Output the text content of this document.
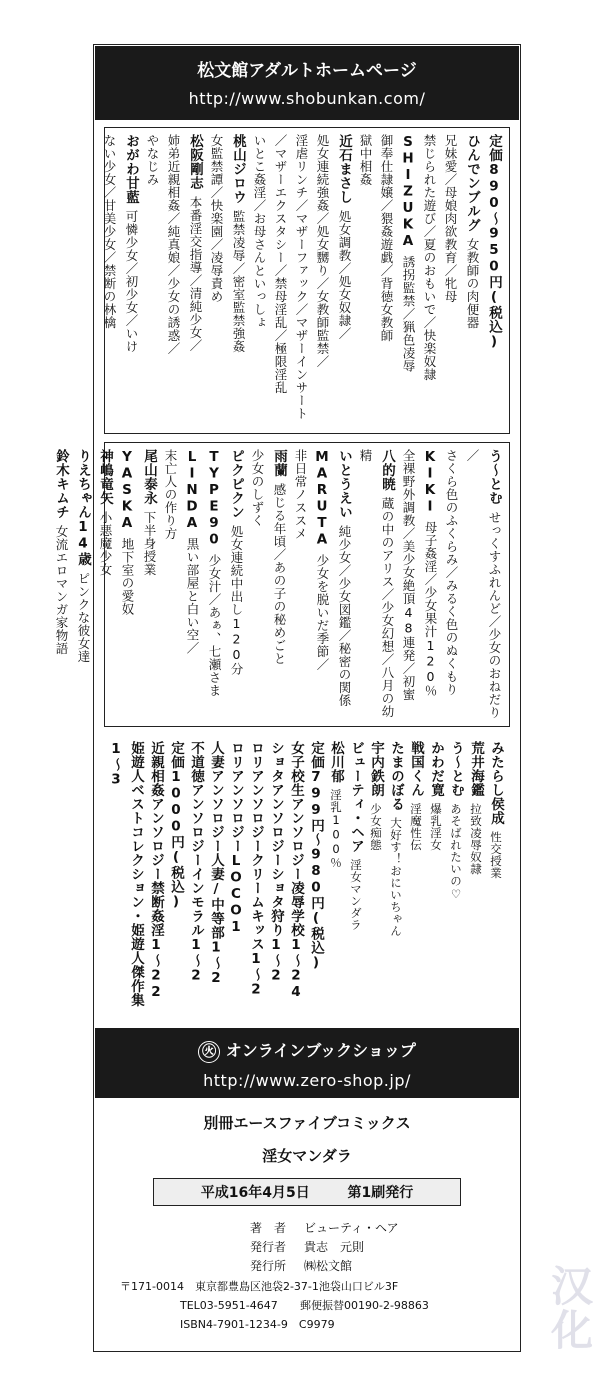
松文館アダルトホームページ
http://www.shobunkan.com/
定価890～950円(税込)
ひんでンブルグ女教師の肉便器
兄妹愛／母娘肉欲教育／牝母
禁じられた遊び／夏のおもいで／快楽奴隷
SHIZUKA誘拐監禁／猟色凌辱
御奉仕隷嬢／猥姦遊戯／背徳女教師
獄中相姦
近石まさし処女調教／処女奴隷／
処女連続強姦／処女嬲り／女教師監禁／
淫虐リンチ／マザーファック／マザーインサート
／マザーエクスタシー／禁母淫乱／極限淫乱
いとこ姦淫／お母さんといっしょ
桃山ジロウ監禁凌辱／密室監禁強姦
女監禁譚／快楽園／凌辱責め
松阪剛志本番淫交指導／清純少女／
姉弟近親相姦／純真娘／少女の誘惑／
やなじみ
おがわ甘藍可憐少女／初少女／いけ
ない少女／甘美少女／禁断の林檎
う～とむせっくすふれんど／少女のおねだり／
さくら色のふくらみ／みるく色のぬくもり
KIKI母子姦淫／少女果汁120％
全裸野外調教／美少女絶頂48連発／初蜜
八的暁蔵の中のアリス／少女幻想／八月の幼精
いとうえい純少女／少女図鑑／秘密の関係
MARUTA少女を脱いだ季節／
非日常ノススメ
雨蘭感じる年頃／あの子の秘めごと
少女のしずく
ピクピクン処女連続中出し120分
TYPE90少女汁／あぁ、七瀬さま
LINDA黒い部屋と白い空／
末亡人の作り方
尾山泰永下半身授業
YASKA地下室の愛奴
神嶋竜矢小悪魔少女
りえちゃん14歳ピンクな彼女達
鈴木キムチ女流エロマンガ家物語
みたらし侯成性交授業
荒井海鑑拉致凌辱奴隷
う～とむあそばれたいの♡
かわだ寛爆乳淫女
戦国くん淫魔性伝
たまのぼる大好す！おにいちゃん
宇内鉄朗少女痴態
ビューティ・ヘア淫女マンダラ
松川郁淫乳100％
定価799円～980円(税込)
女子校生アンソロジー凌辱学校1～24
ショタアンソロジーショタ狩り1～2
ロリアンソロジークリームキッス1～2
ロリアンソロジーLOCO1
人妻アンソロジー人妻/中等部1～2
不道徳アンソロジーインモラル1～2
定価1000円(税込)
近親相姦アンソロジー禁断姦淫1～22
姫遊人ベストコレクション・姫遊人傑作集1～3
㊋ オンラインブックショップ
http://www.zero-shop.jp/
別冊エースファイブコミックス
淫女マンダラ
平成16年4月5日	第1刷発行
著　者 ビューティ・ヘア
発行者 貴志　元則
発行所 ㈱松文館
〒171-0014　東京都豊島区池袋2-37-1池袋山口ビル3F
TEL03-5951-4647 郵便振替00190-2-98863
ISBN4-7901-1234-9　C9979	汉化
